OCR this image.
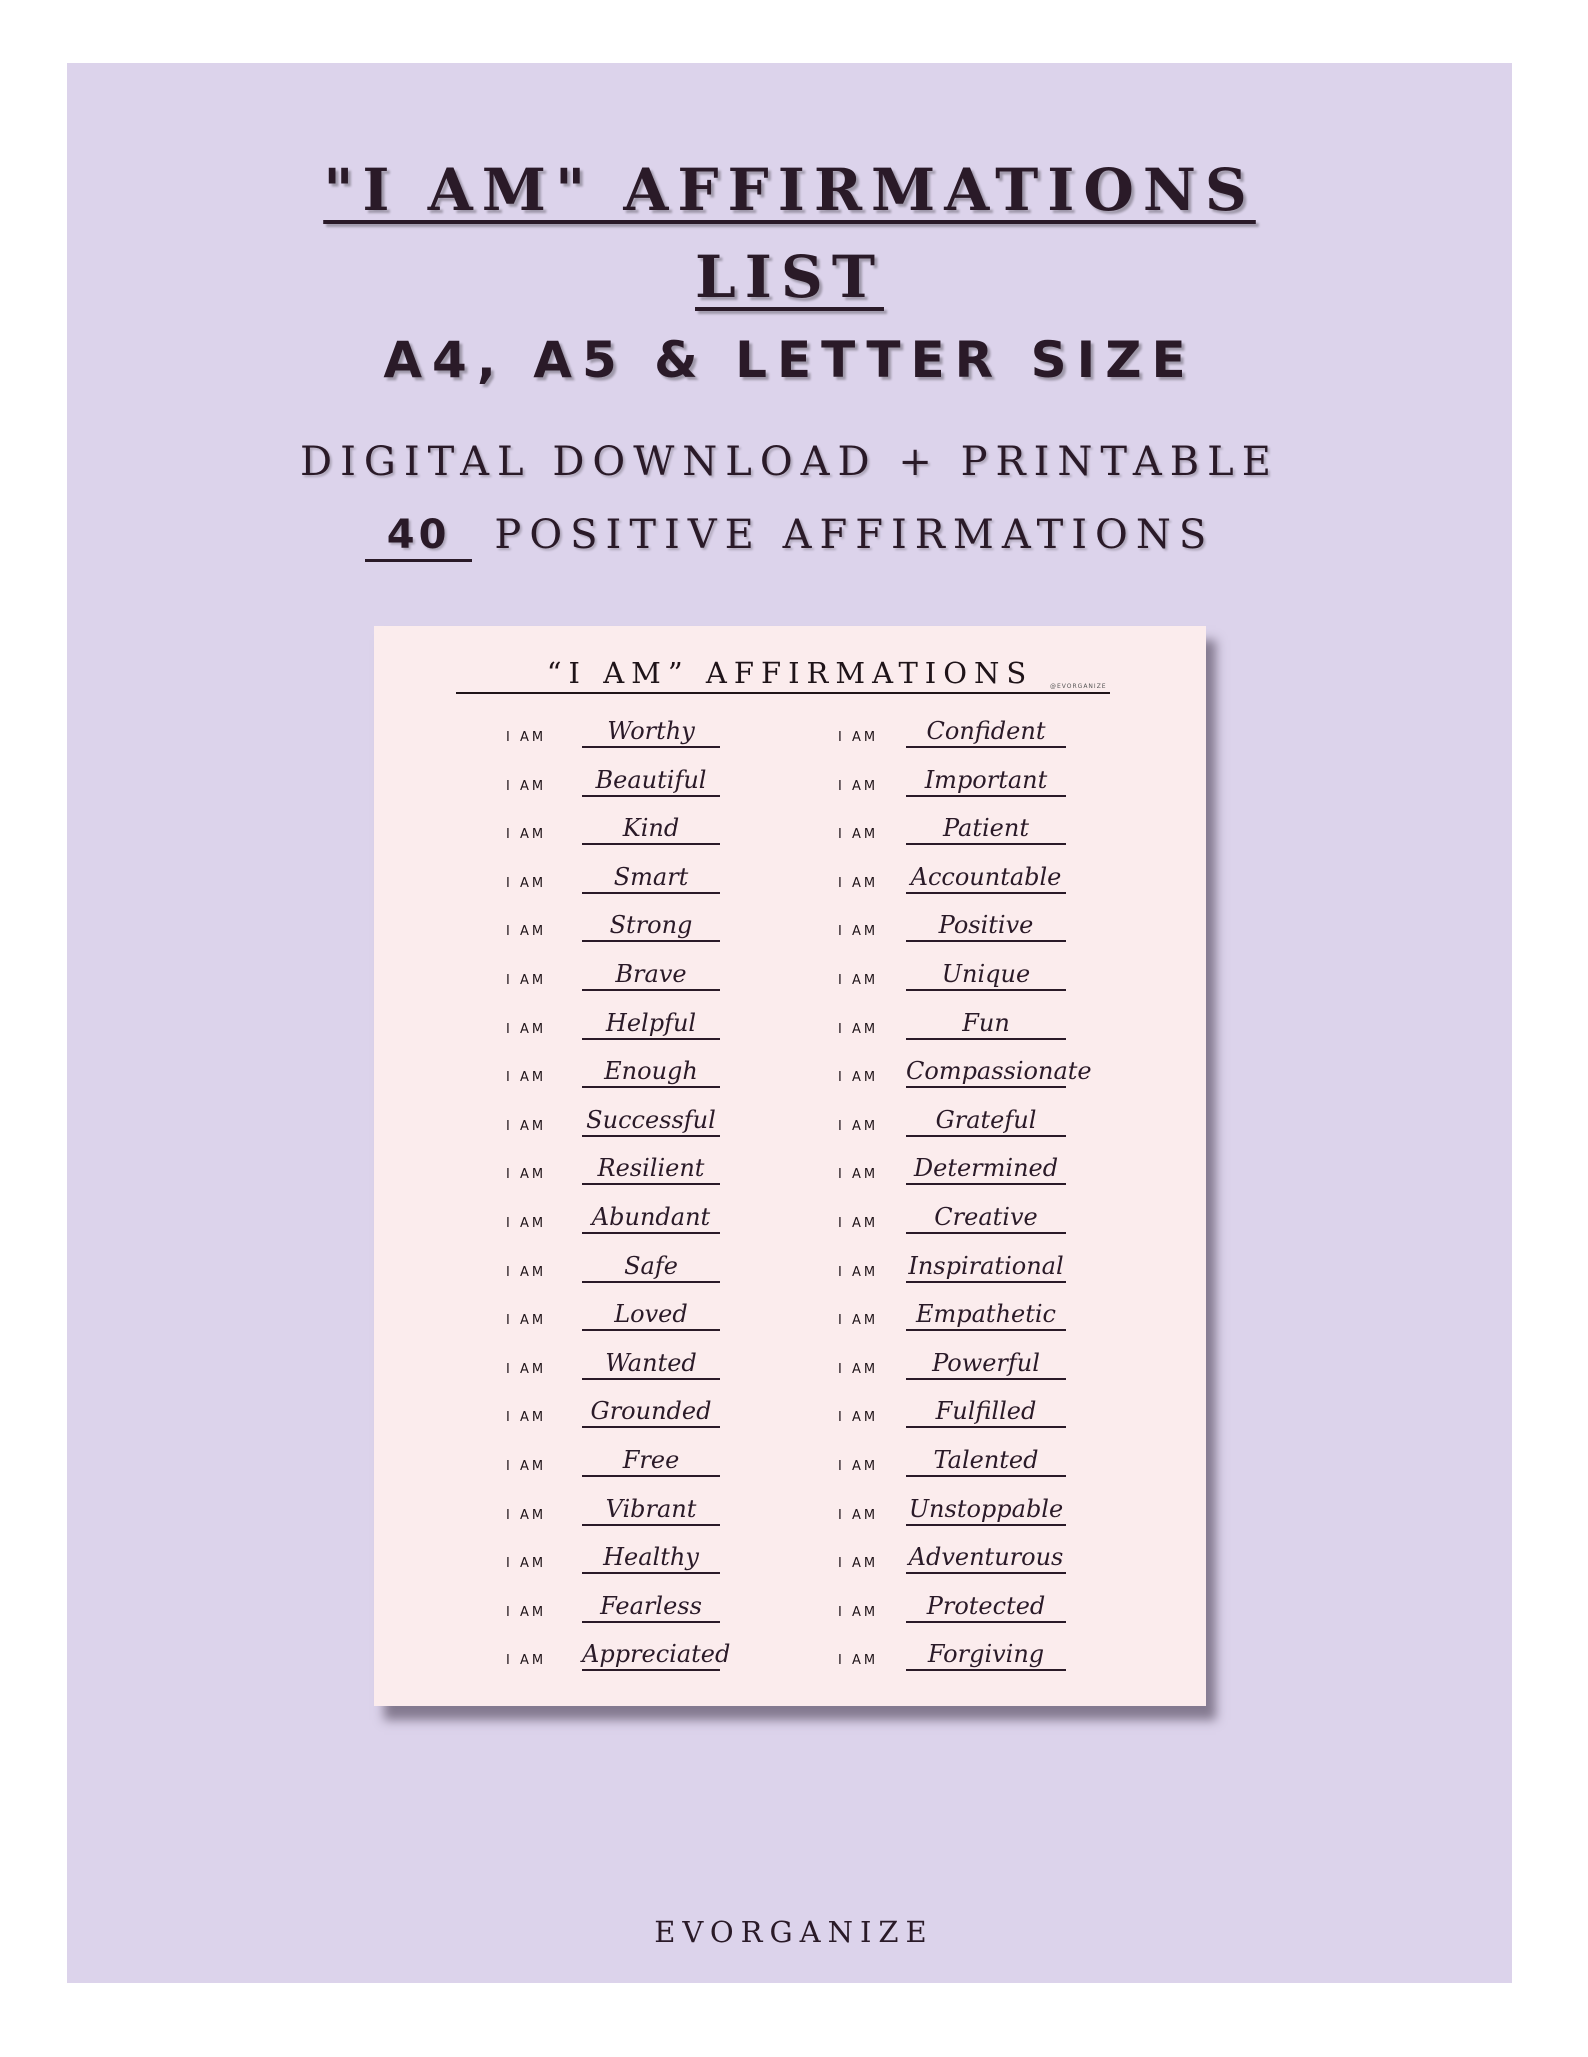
"I AM" AFFIRMATIONS
LIST
A4, A5 & LETTER SIZE
DIGITAL DOWNLOAD + PRINTABLE
40 POSITIVE AFFIRMATIONS
“I AM” AFFIRMATIONS	@EVORGANIZE
I AM	Worthy
I AM	Beautiful
I AM	Kind
I AM	Smart
I AM	Strong
I AM	Brave
I AM	Helpful
I AM	Enough
I AM Successful
I AM	Resilient
I AM	Abundant
I AM	Safe
I AM	Loved
I AM	Wanted
I AM	Grounded
I AM	Free
I AM	Vibrant
I AM	Healthy
I AM	Fearless
I AM Appreciated
I AM	Confident
I AM	Important
I AM	Patient
I AM Accountable
I AM	Positive
I AM	Unique
I AM	Fun
I AM Compassionate
I AM	Grateful
I AM	Determined
I AM	Creative
I AM Inspirational
I AM	Empathetic
I AM	Powerful
I AM	Fulfilled
I AM	Talented
I AM Unstoppable
I AM Adventurous
I AM	Protected
I AM	Forgiving
EVORGANIZE
